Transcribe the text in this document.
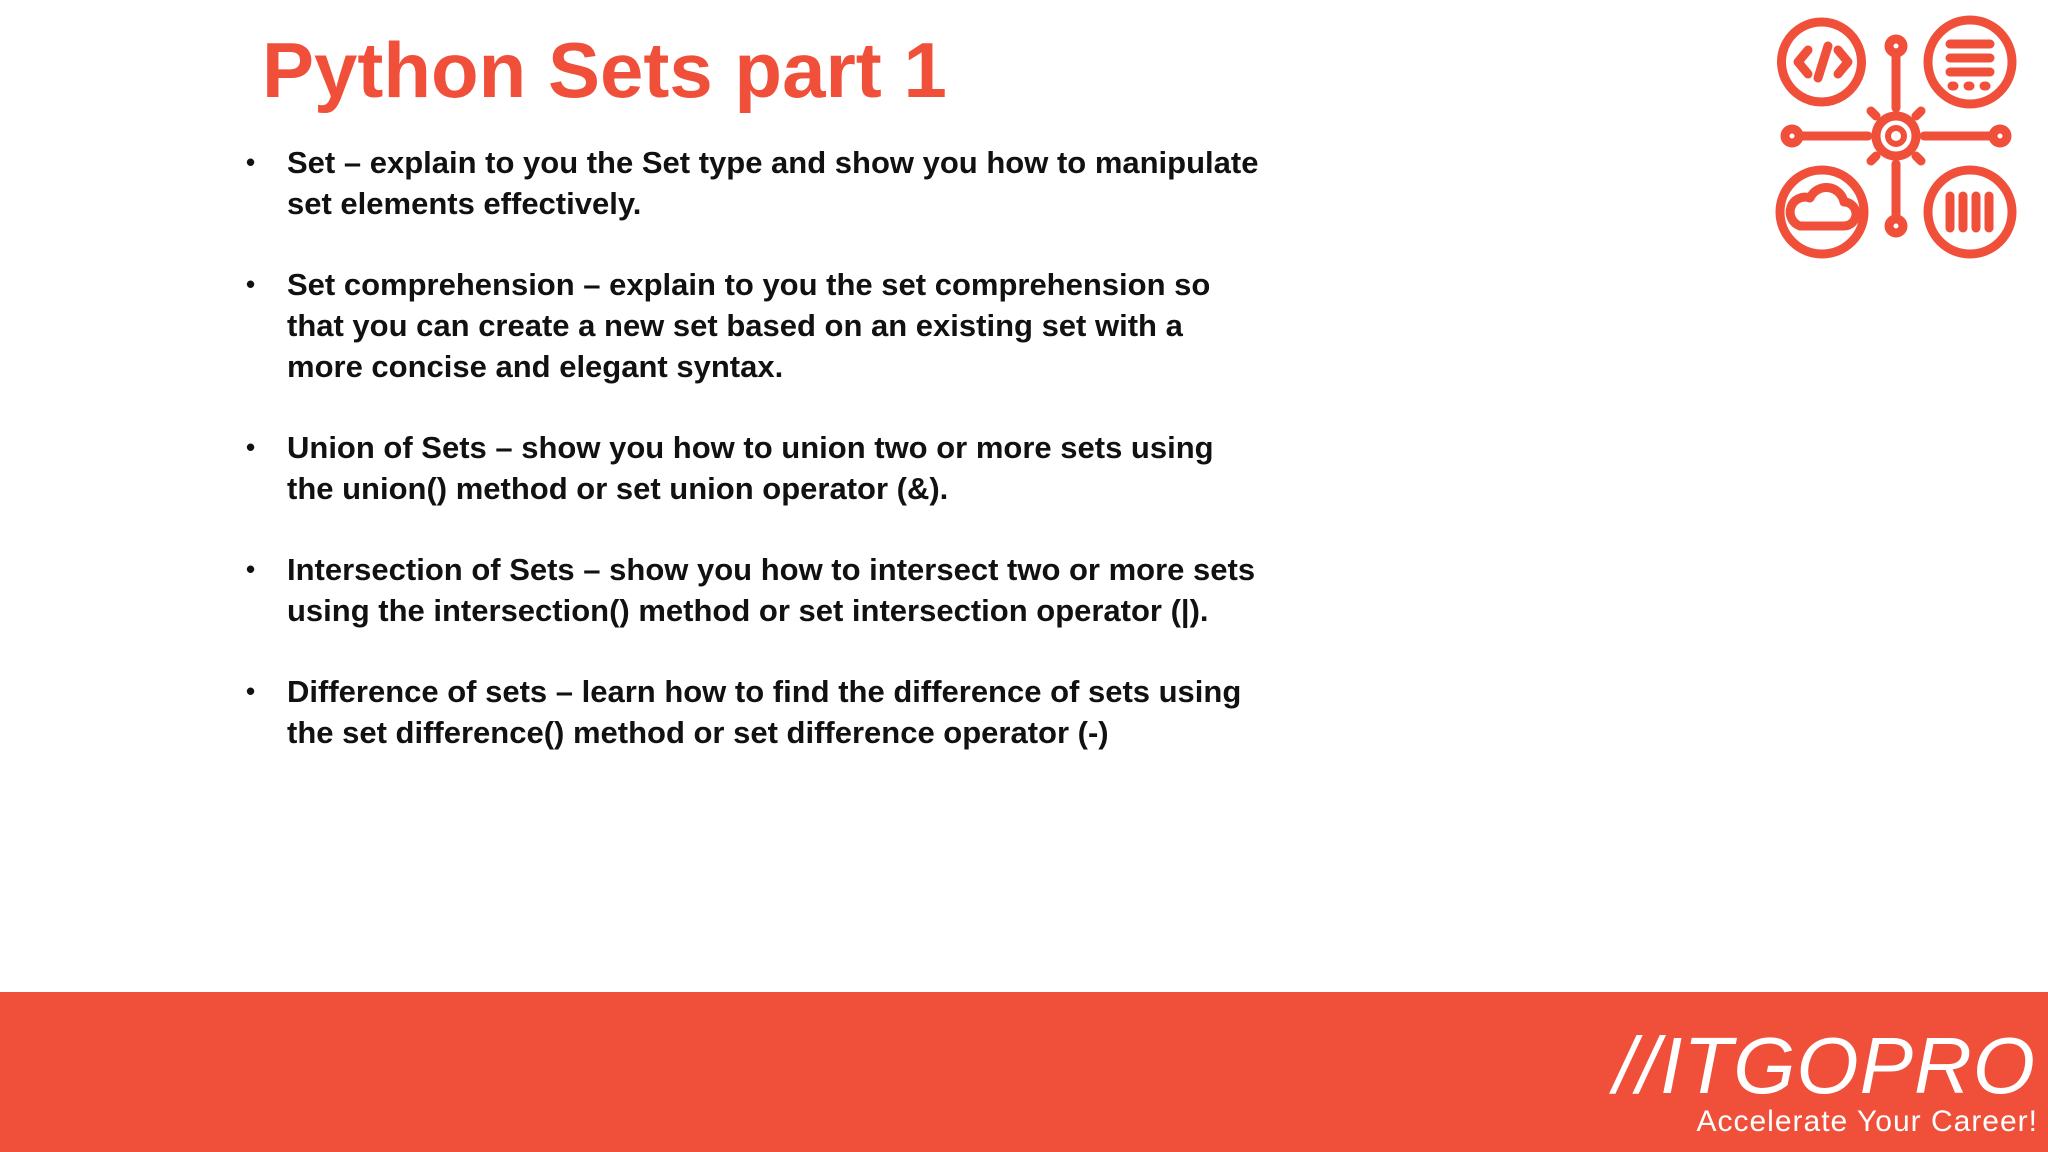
Python Sets part 1
•	Set – explain to you the Set type and show you how to manipulate set elements effectively.
•	Set comprehension – explain to you the set comprehension so that you can create a new set based on an existing set with a more concise and elegant syntax.
•	Union of Sets – show you how to union two or more sets using the union() method or set union operator (&).
•	Intersection of Sets – show you how to intersect two or more sets using the intersection() method or set intersection operator (|).
•	Difference of sets – learn how to find the difference of sets using the set difference() method or set difference operator (-)
//ITGOPRO
Accelerate Your Career!
